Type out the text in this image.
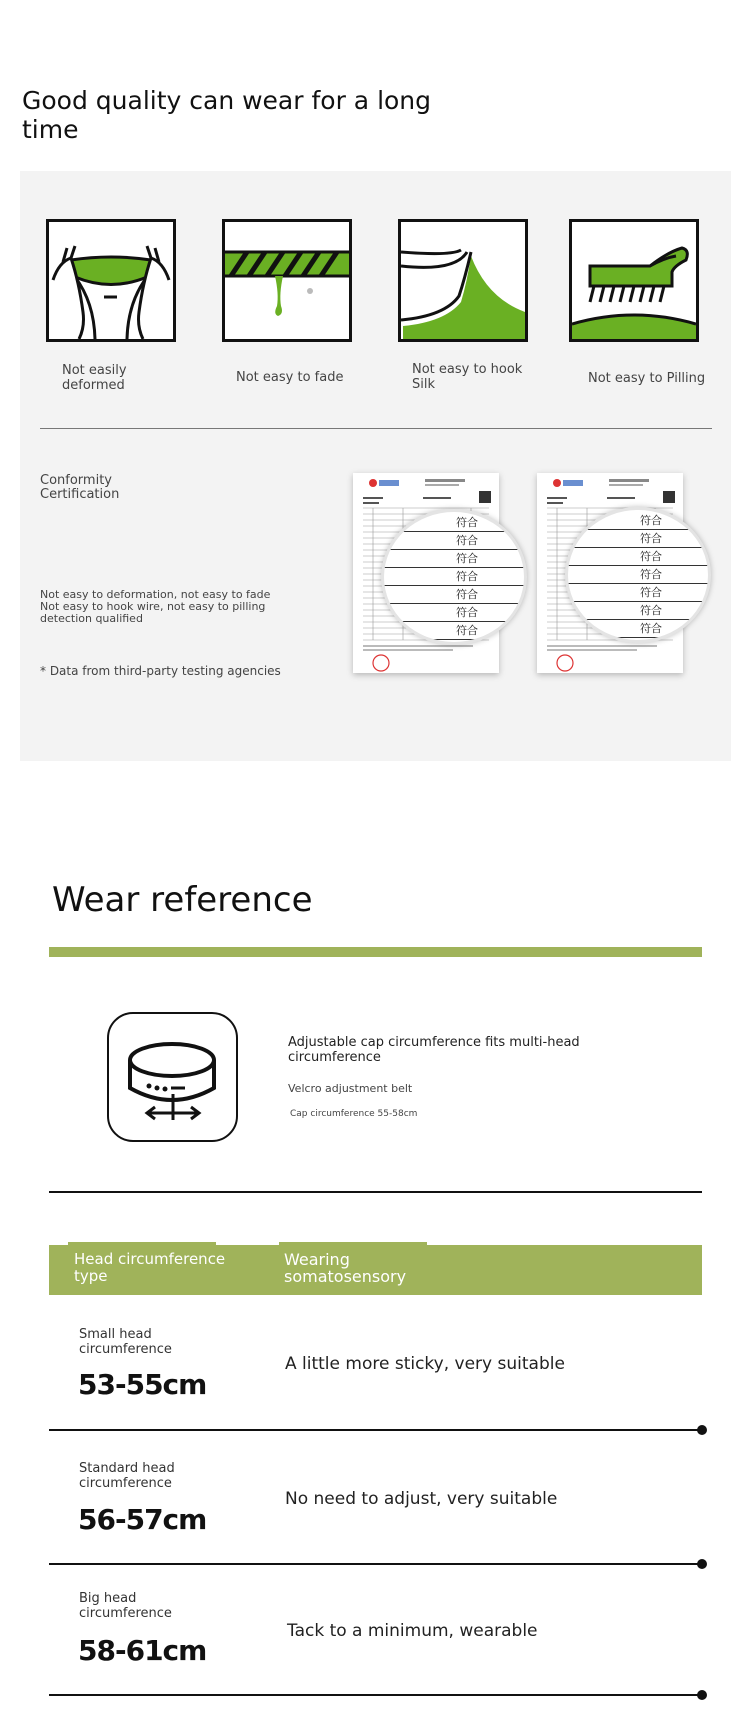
Good quality can wear for a long time
Not easily deformed
Not easy to fade
Not easy to hook Silk	Not easy to Pilling
Conformity Certification
Not easy to deformation, not easy to fade
Not easy to hook wire, not easy to pilling detection qualified
* Data from third-party testing agencies
符合
符合
符合
符合
符合
符合
符合
符合
符合
符合
符合
符合
符合
符合
Wear reference
Adjustable cap circumference fits multi-head circumference
Velcro adjustment belt
Cap circumference 55-58cm
Head circumference type
Wearing somatosensory
Small head circumference
53-55cm
A little more sticky, very suitable
Standard head circumference
56-57cm
No need to adjust, very suitable
Big head circumference
58-61cm
Tack to a minimum, wearable
